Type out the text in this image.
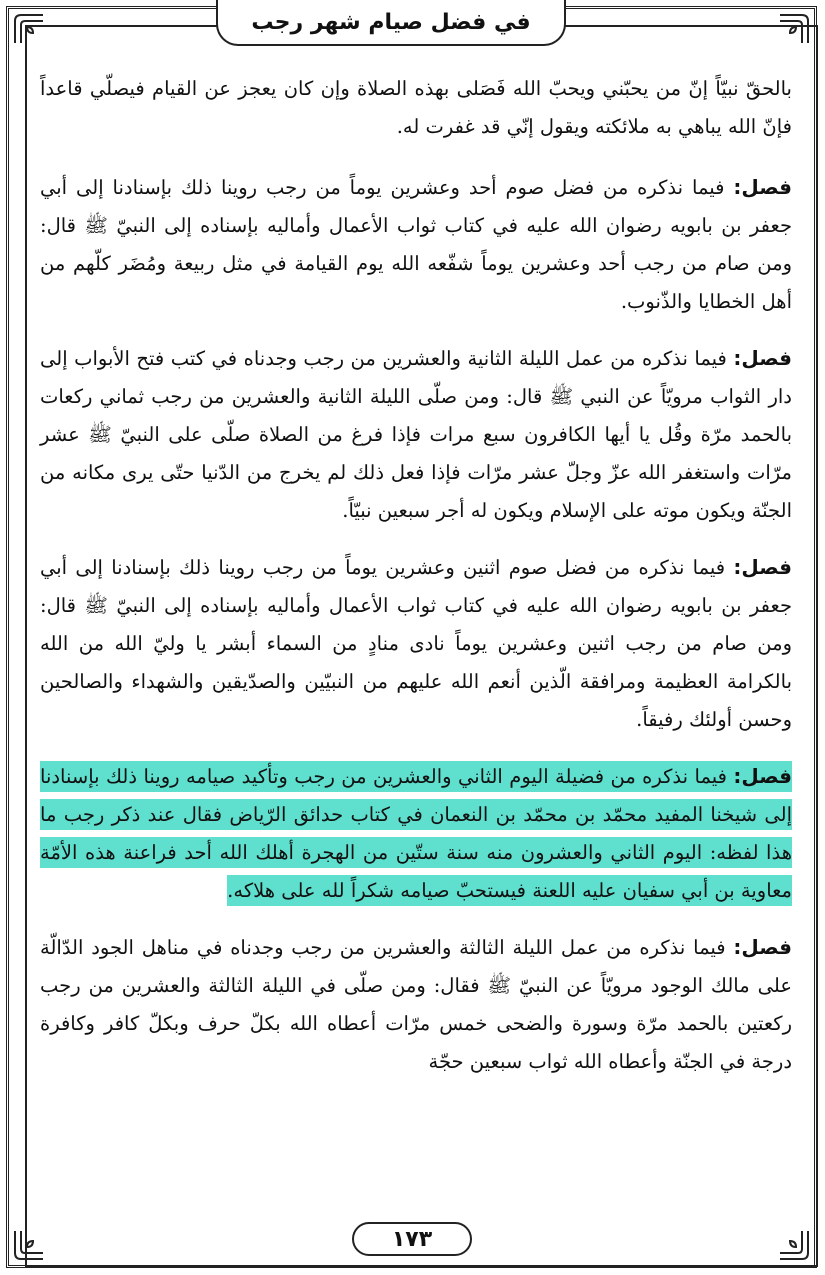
في فضل صيام شهر رجب

بالحقّ نبيّاً إنّ من يحبّني ويحبّ الله فَصَلى بهذه الصلاة وإن كان يعجز عن القيام فيصلّي قاعداً فإنّ الله يباهي به ملائكته ويقول إنّي قد غفرت له.

فصل: فيما نذكره من فضل صوم أحد وعشرين يوماً من رجب روينا ذلك بإسنادنا إلى أبي جعفر بن بابويه رضوان الله عليه في كتاب ثواب الأعمال وأماليه بإسناده إلى النبيّ ﷺ قال: ومن صام من رجب أحد وعشرين يوماً شفّعه الله يوم القيامة في مثل ربيعة ومُضَر كلّهم من أهل الخطايا والذّنوب.

فصل: فيما نذكره من عمل الليلة الثانية والعشرين من رجب وجدناه في كتب فتح الأبواب إلى دار الثواب مرويّاً عن النبي ﷺ قال: ومن صلّى الليلة الثانية والعشرين من رجب ثماني ركعات بالحمد مرّة وقُل يا أيها الكافرون سبع مرات فإذا فرغ من الصلاة صلّى على النبيّ ﷺ عشر مرّات واستغفر الله عزّ وجلّ عشر مرّات فإذا فعل ذلك لم يخرج من الدّنيا حتّى يرى مكانه من الجنّة ويكون موته على الإسلام ويكون له أجر سبعين نبيّاً.

فصل: فيما نذكره من فضل صوم اثنين وعشرين يوماً من رجب روينا ذلك بإسنادنا إلى أبي جعفر بن بابويه رضوان الله عليه في كتاب ثواب الأعمال وأماليه بإسناده إلى النبيّ ﷺ قال: ومن صام من رجب اثنين وعشرين يوماً نادى منادٍ من السماء أبشر يا وليّ الله من الله بالكرامة العظيمة ومرافقة الّذين أنعم الله عليهم من النبيّين والصدّيقين والشهداء والصالحين وحسن أولئك رفيقاً.

فصل: فيما نذكره من فضيلة اليوم الثاني والعشرين من رجب وتأكيد صيامه روينا ذلك بإسنادنا إلى شيخنا المفيد محمّد بن محمّد بن النعمان في كتاب حدائق الرّياض فقال عند ذكر رجب ما هذا لفظه: اليوم الثاني والعشرون منه سنة ستّين من الهجرة أهلك الله أحد فراعنة هذه الأمّة معاوية بن أبي سفيان عليه اللعنة فيستحبّ صيامه شكراً لله على هلاكه.

فصل: فيما نذكره من عمل الليلة الثالثة والعشرين من رجب وجدناه في مناهل الجود الدّالّة على مالك الوجود مرويّاً عن النبيّ ﷺ فقال: ومن صلّى في الليلة الثالثة والعشرين من رجب ركعتين بالحمد مرّة وسورة والضحى خمس مرّات أعطاه الله بكلّ حرف وبكلّ كافر وكافرة درجة في الجنّة وأعطاه الله ثواب سبعين حجّة

١٧٣
